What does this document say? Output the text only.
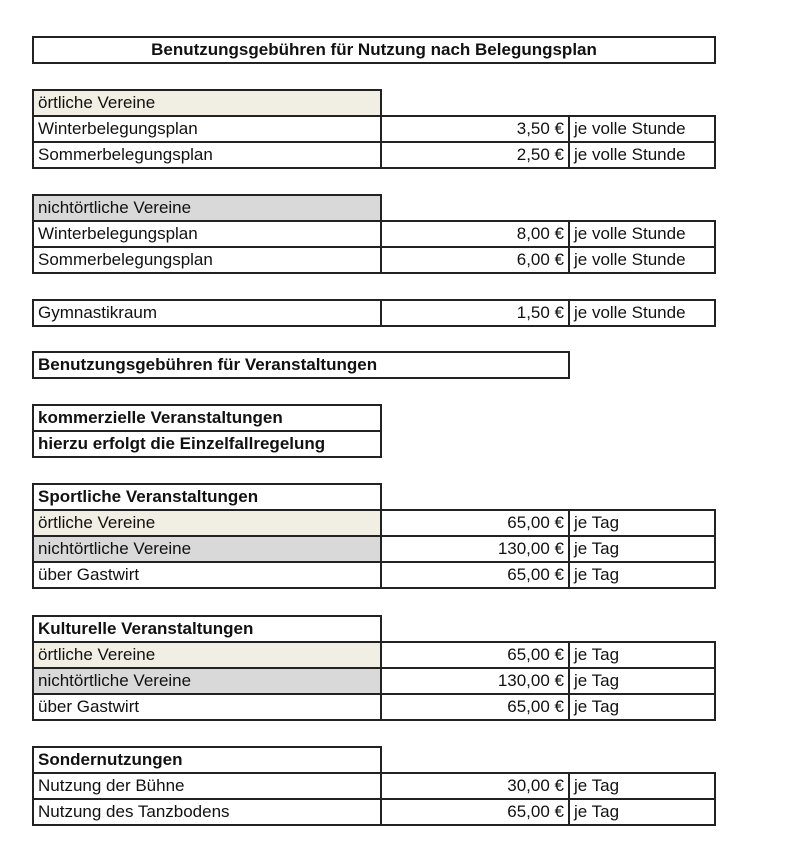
Benutzungsgebühren für Nutzung nach Belegungsplan
örtliche Vereine
Winterbelegungsplan	3,50 € je volle Stunde
Sommerbelegungsplan	2,50 € je volle Stunde
nichtörtliche Vereine
Winterbelegungsplan	8,00 € je volle Stunde
Sommerbelegungsplan	6,00 € je volle Stunde
Gymnastikraum	1,50 € je volle Stunde
Benutzungsgebühren für Veranstaltungen
kommerzielle Veranstaltungen
hierzu erfolgt die Einzelfallregelung
Sportliche Veranstaltungen
örtliche Vereine	65,00 € je Tag
nichtörtliche Vereine	130,00 € je Tag
über Gastwirt	65,00 € je Tag
Kulturelle Veranstaltungen
örtliche Vereine	65,00 € je Tag
nichtörtliche Vereine	130,00 € je Tag
über Gastwirt	65,00 € je Tag
Sondernutzungen
Nutzung der Bühne	30,00 € je Tag
Nutzung des Tanzbodens	65,00 € je Tag
